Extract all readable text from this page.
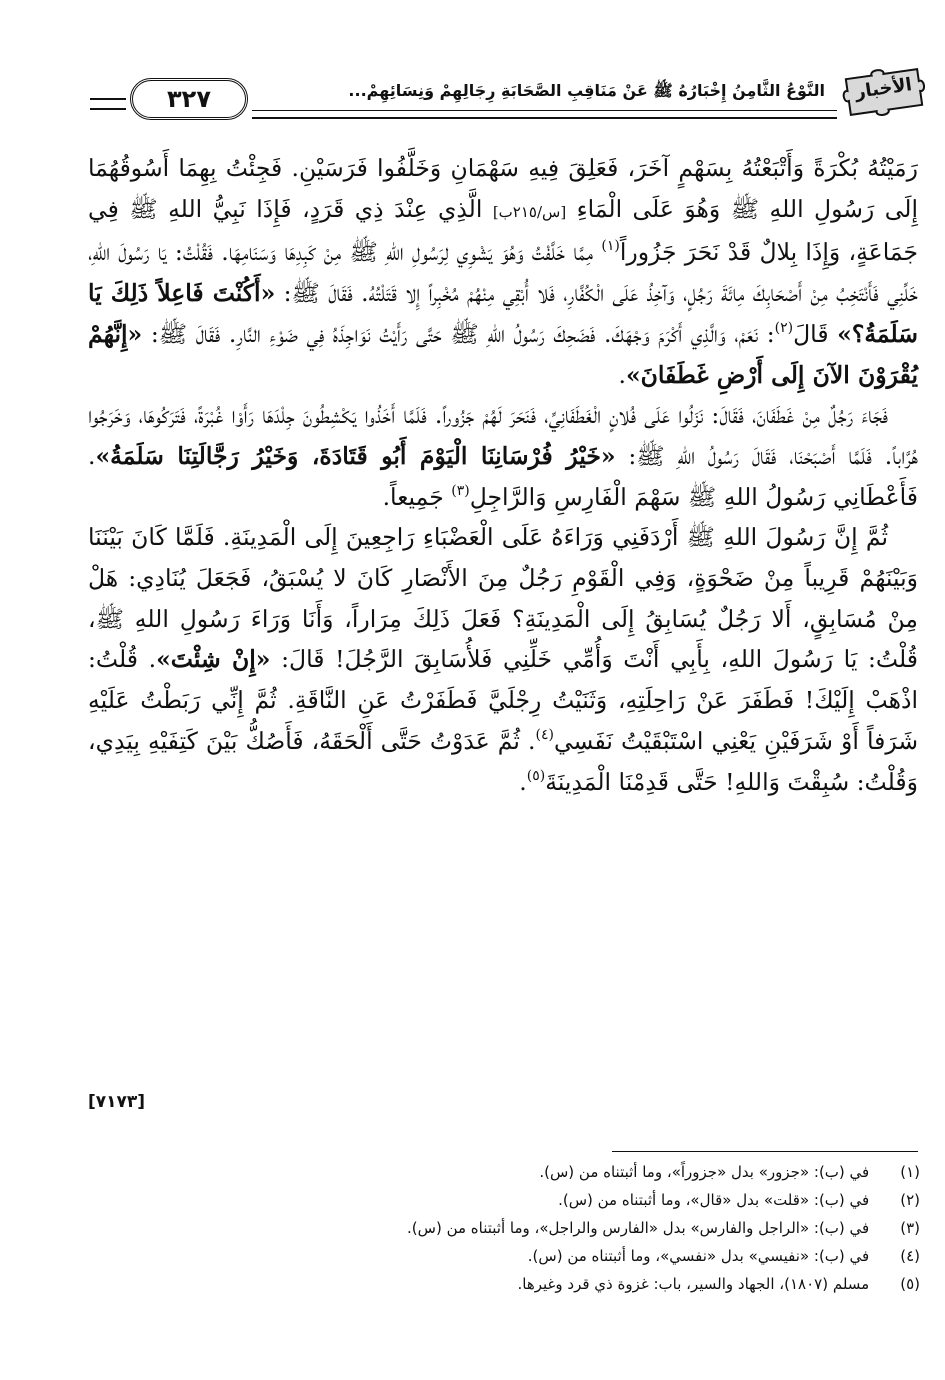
٣٢٧	النَّوْعُ الثَّامِنُ إِخْبَارُهُ ﷺ عَنْ مَنَاقِبِ الصَّحَابَةِ رِجَالِهِمْ وَنِسَائِهِمْ...	الأخبار

رَمَيْتُهُ بُكْرَةً وَأَتْبَعْتُهُ بِسَهْمٍ آخَرَ، فَعَلِقَ فِيهِ سَهْمَانِ وَخَلَّفُوا فَرَسَيْنِ. فَجِئْتُ بِهِمَا أَسُوقُهُمَا إِلَى رَسُولِ اللهِ ﷺ وَهُوَ عَلَى الْمَاءِ [س/٢١٥ب] الَّذِي عِنْدَ ذِي قَرَدٍ، فَإِذَا نَبِيُّ اللهِ ﷺ فِي جَمَاعَةٍ، وَإِذَا بِلالٌ قَدْ نَحَرَ جَزُوراً$^{(١)}$ مِمَّا خَلَّفْتُ وَهُوَ يَشْوِي لِرَسُولِ اللهِ ﷺ مِنْ كَبِدِهَا وَسَنَامِهَا. فَقُلْتُ: يَا رَسُولَ اللهِ، خَلِّنِي فَأَنْتَخِبُ مِنْ أَصْحَابِكَ مِائَةَ رَجُلٍ، وَآخِذُ عَلَى الْكُفَّارِ، فَلا أُبْقِي مِنْهُمْ مُخْبِراً إِلا قَتَلْتُهُ. فَقَالَ ﷺ: «أَكُنْتَ فَاعِلاً ذَلِكَ يَا سَلَمَةُ؟» قَالَ$^{(٢)}$: نَعَمْ، وَالَّذِي أَكْرَمَ وَجْهَكَ. فَضَحِكَ رَسُولُ اللهِ ﷺ حَتَّى رَأَيْتُ نَوَاجِذَهُ فِي ضَوْءِ النَّارِ. فَقَالَ ﷺ: «إِنَّهُمْ يُقْرَوْنَ الآنَ إِلَى أَرْضِ غَطَفَانَ».

فَجَاءَ رَجُلٌ مِنْ غَطَفَانَ، فَقَالَ: نَزَلُوا عَلَى فُلانٍ الْغَطَفَانِيِّ، فَنَحَرَ لَهُمْ جَزُوراً. فَلَمَّا أَخَذُوا يَكْشِطُونَ جِلْدَهَا رَأَوْا غُبْرَةً، فَتَرَكُوهَا، وَخَرَجُوا هُرَّاباً. فَلَمَّا أَصْبَحْنَا، فَقَالَ رَسُولُ اللهِ ﷺ: «خَيْرُ فُرْسَانِنَا الْيَوْمَ أَبُو قَتَادَةَ، وَخَيْرُ رَجَّالَتِنَا سَلَمَةُ». فَأَعْطَانِي رَسُولُ اللهِ ﷺ سَهْمَ الْفَارِسِ وَالرَّاجِلِ$^{(٣)}$ جَمِيعاً.

ثُمَّ إِنَّ رَسُولَ اللهِ ﷺ أَرْدَفَنِي وَرَاءَهُ عَلَى الْعَضْبَاءِ رَاجِعِينَ إِلَى الْمَدِينَةِ. فَلَمَّا كَانَ بَيْنَنَا وَبَيْنَهُمْ قَرِيباً مِنْ ضَحْوَةٍ، وَفِي الْقَوْمِ رَجُلٌ مِنَ الأَنْصَارِ كَانَ لا يُسْبَقُ، فَجَعَلَ يُنَادِي: هَلْ مِنْ مُسَابِقٍ، أَلا رَجُلٌ يُسَابِقُ إِلَى الْمَدِينَةِ؟ فَعَلَ ذَلِكَ مِرَاراً، وَأَنَا وَرَاءَ رَسُولِ اللهِ ﷺ، قُلْتُ: يَا رَسُولَ اللهِ، بِأَبِي أَنْتَ وَأُمِّي خَلِّنِي فَلأُسَابِقَ الرَّجُلَ! قَالَ: «إِنْ شِئْتَ». قُلْتُ: اذْهَبْ إِلَيْكَ! فَطَفَرَ عَنْ رَاحِلَتِهِ، وَثَنَيْتُ رِجْلَيَّ فَطَفَرْتُ عَنِ النَّاقَةِ. ثُمَّ إِنِّي رَبَطْتُ عَلَيْهِ شَرَفاً أَوْ شَرَفَيْنِ يَعْنِي اسْتَبْقَيْتُ نَفَسِي$^{(٤)}$. ثُمَّ عَدَوْتُ حَتَّى أَلْحَقَهُ، فَأَصُكُّ بَيْنَ كَتِفَيْهِ بِيَدِي، وَقُلْتُ: سُبِقْتَ وَاللهِ! حَتَّى قَدِمْنَا الْمَدِينَةَ$^{(٥)}$.

[٧١٧٣]
(١) في (ب): «جزور» بدل «جزوراً»، وما أثبتناه من (س).
(٢) في (ب): «قلت» بدل «قال»، وما أثبتناه من (س).
(٣) في (ب): «الراجل والفارس» بدل «الفارس والراجل»، وما أثبتناه من (س).
(٤) في (ب): «نفيسي» بدل «نفسي»، وما أثبتناه من (س).
(٥) مسلم (١٨٠٧)، الجهاد والسير، باب: غزوة ذي قرد وغيرها.
